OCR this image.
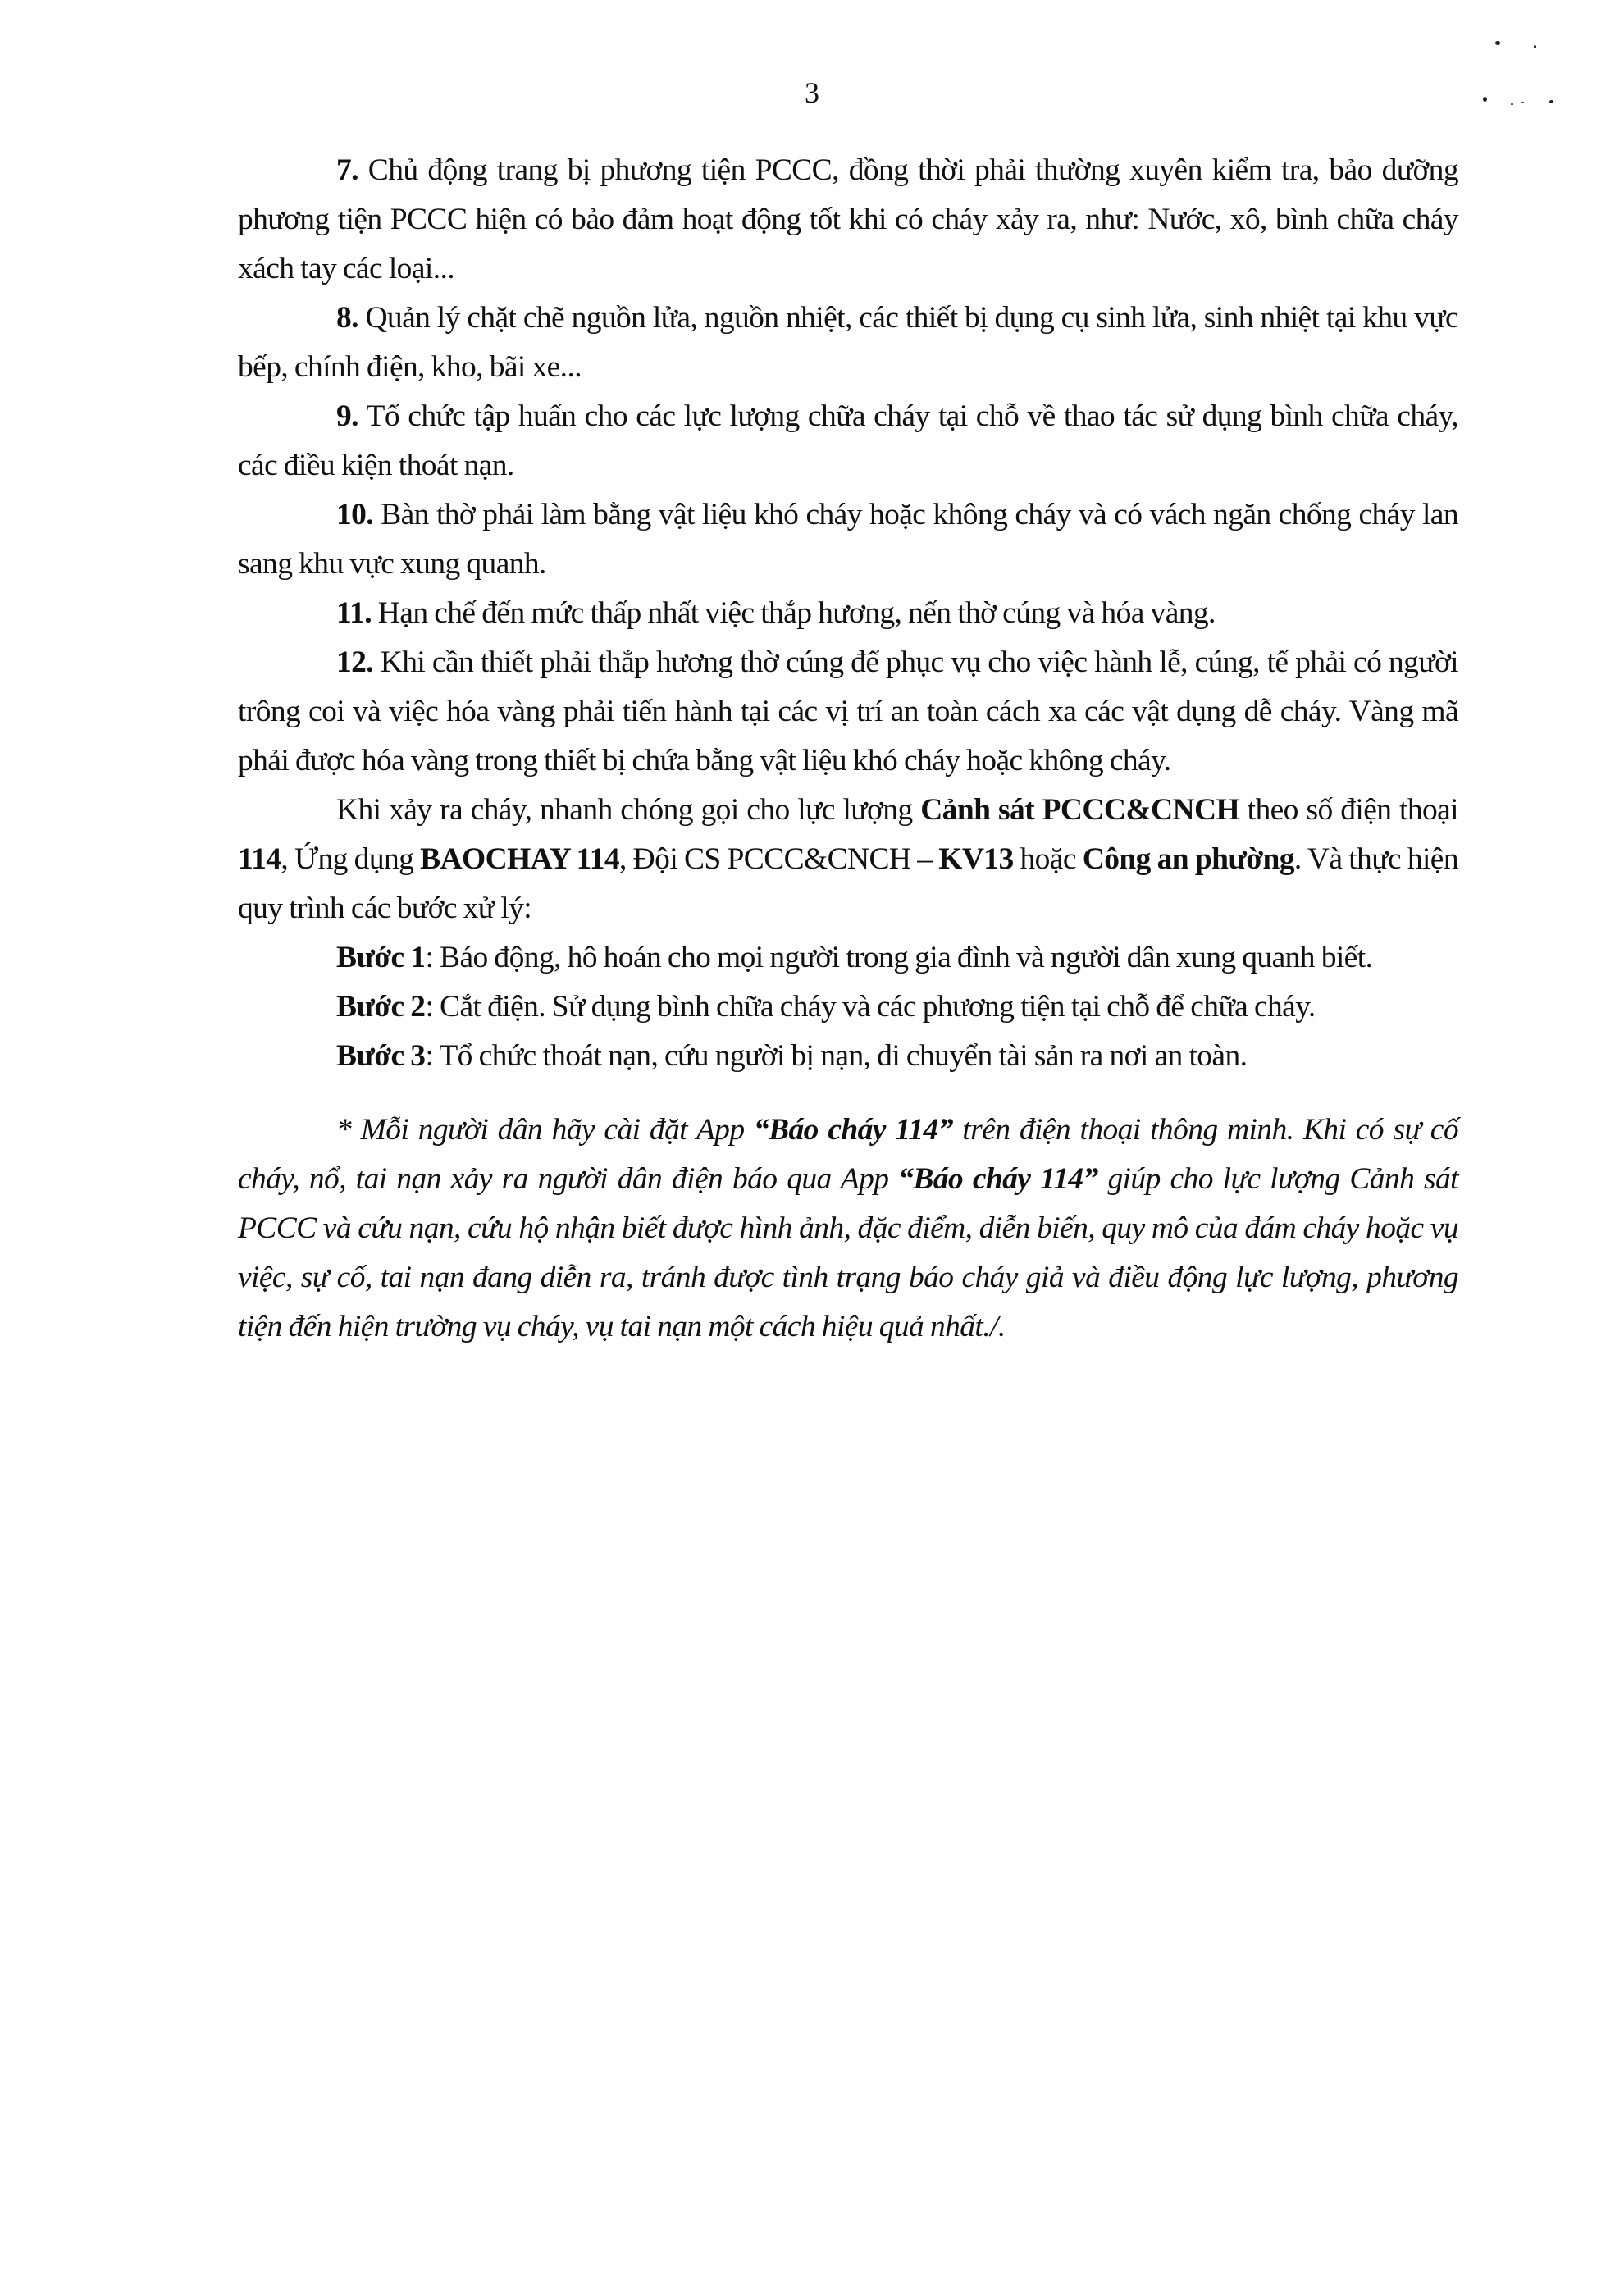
3

7. Chủ động trang bị phương tiện PCCC, đồng thời phải thường xuyên kiểm tra, bảo dưỡng phương tiện PCCC hiện có bảo đảm hoạt động tốt khi có cháy xảy ra, như: Nước, xô, bình chữa cháy xách tay các loại...

8. Quản lý chặt chẽ nguồn lửa, nguồn nhiệt, các thiết bị dụng cụ sinh lửa, sinh nhiệt tại khu vực bếp, chính điện, kho, bãi xe...

9. Tổ chức tập huấn cho các lực lượng chữa cháy tại chỗ về thao tác sử dụng bình chữa cháy, các điều kiện thoát nạn.

10. Bàn thờ phải làm bằng vật liệu khó cháy hoặc không cháy và có vách ngăn chống cháy lan sang khu vực xung quanh.

11. Hạn chế đến mức thấp nhất việc thắp hương, nến thờ cúng và hóa vàng.

12. Khi cần thiết phải thắp hương thờ cúng để phục vụ cho việc hành lễ, cúng, tế phải có người trông coi và việc hóa vàng phải tiến hành tại các vị trí an toàn cách xa các vật dụng dễ cháy. Vàng mã phải được hóa vàng trong thiết bị chứa bằng vật liệu khó cháy hoặc không cháy.

Khi xảy ra cháy, nhanh chóng gọi cho lực lượng Cảnh sát PCCC&CNCH theo số điện thoại 114, Ứng dụng BAOCHAY 114, Đội CS PCCC&CNCH – KV13 hoặc Công an phường. Và thực hiện quy trình các bước xử lý:

Bước 1: Báo động, hô hoán cho mọi người trong gia đình và người dân xung quanh biết.

Bước 2: Cắt điện. Sử dụng bình chữa cháy và các phương tiện tại chỗ để chữa cháy.

Bước 3: Tổ chức thoát nạn, cứu người bị nạn, di chuyển tài sản ra nơi an toàn.

* Mỗi người dân hãy cài đặt App “Báo cháy 114” trên điện thoại thông minh. Khi có sự cố cháy, nổ, tai nạn xảy ra người dân điện báo qua App “Báo cháy 114” giúp cho lực lượng Cảnh sát PCCC và cứu nạn, cứu hộ nhận biết được hình ảnh, đặc điểm, diễn biến, quy mô của đám cháy hoặc vụ việc, sự cố, tai nạn đang diễn ra, tránh được tình trạng báo cháy giả và điều động lực lượng, phương tiện đến hiện trường vụ cháy, vụ tai nạn một cách hiệu quả nhất./.
